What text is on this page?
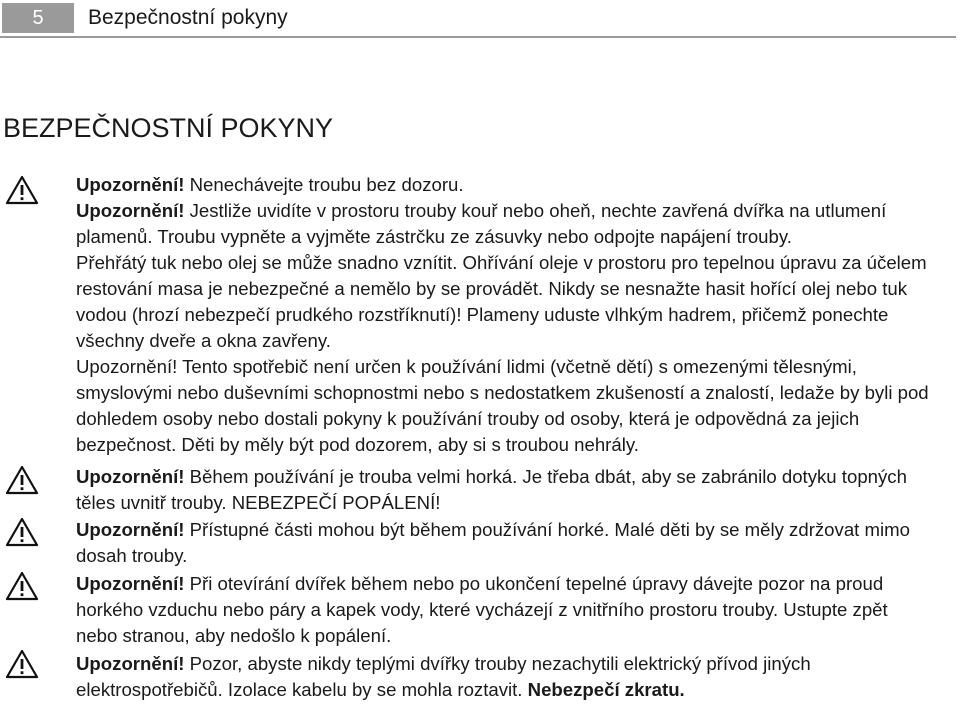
5	Bezpečnostní pokyny
BEZPEČNOSTNÍ POKYNY
Upozornění! Nenechávejte troubu bez dozoru.
Upozornění! Jestliže uvidíte v prostoru trouby kouř nebo oheň, nechte zavřená dvířka na utlumení
plamenů. Troubu vypněte a vyjměte zástrčku ze zásuvky nebo odpojte napájení trouby.
Přehřátý tuk nebo olej se může snadno vznítit. Ohřívání oleje v prostoru pro tepelnou úpravu za účelem
restování masa je nebezpečné a nemělo by se provádět. Nikdy se nesnažte hasit hořící olej nebo tuk
vodou (hrozí nebezpečí prudkého rozstříknutí)! Plameny uduste vlhkým hadrem, přičemž ponechte
všechny dveře a okna zavřeny.
Upozornění! Tento spotřebič není určen k používání lidmi (včetně dětí) s omezenými tělesnými,
smyslovými nebo duševními schopnostmi nebo s nedostatkem zkušeností a znalostí, ledaže by byli pod
dohledem osoby nebo dostali pokyny k používání trouby od osoby, která je odpovědná za jejich
bezpečnost. Děti by měly být pod dozorem, aby si s troubou nehrály.
Upozornění! Během používání je trouba velmi horká. Je třeba dbát, aby se zabránilo dotyku topných
těles uvnitř trouby. NEBEZPEČÍ POPÁLENÍ!
Upozornění! Přístupné části mohou být během používání horké. Malé děti by se měly zdržovat mimo
dosah trouby.
Upozornění! Při otevírání dvířek během nebo po ukončení tepelné úpravy dávejte pozor na proud
horkého vzduchu nebo páry a kapek vody, které vycházejí z vnitřního prostoru trouby. Ustupte zpět
nebo stranou, aby nedošlo k popálení.
Upozornění! Pozor, abyste nikdy teplými dvířky trouby nezachytili elektrický přívod jiných
elektrospotřebičů. Izolace kabelu by se mohla roztavit. Nebezpečí zkratu.
